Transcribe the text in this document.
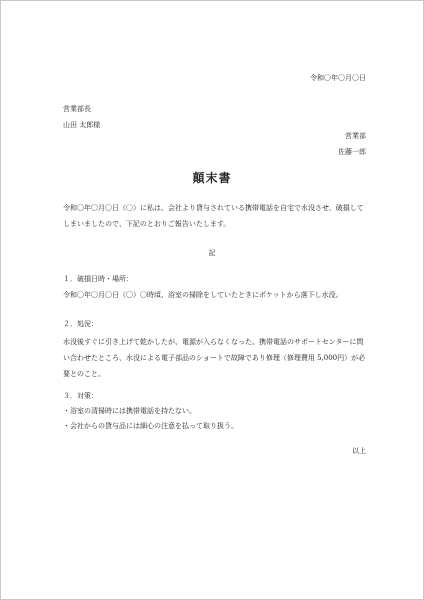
令和〇年〇月〇日
営業部長
山田 太郎様
営業部
佐藤一郎
顛末書
令和〇年〇月〇日（〇）に私は、会社より貸与されている携帯電話を自宅で水没させ、破損してしまいましたので、下記のとおりご報告いたします。
記
１．破損日時・場所：
令和〇年〇月〇日（〇）〇時頃、浴室の掃除をしていたときにポケットから落下し水没。
２．処況：
水没後すぐに引き上げて乾かしたが、電源が入らなくなった。携帯電話のサポートセンターに問い合わせたところ、水没による電子部品のショートで故障であり修理（修理費用 5,000円）が必要とのこと。
３．対策：
・浴室の清掃時には携帯電話を持たない。
・会社からの貸与品には細心の注意を払って取り扱う。
以上
